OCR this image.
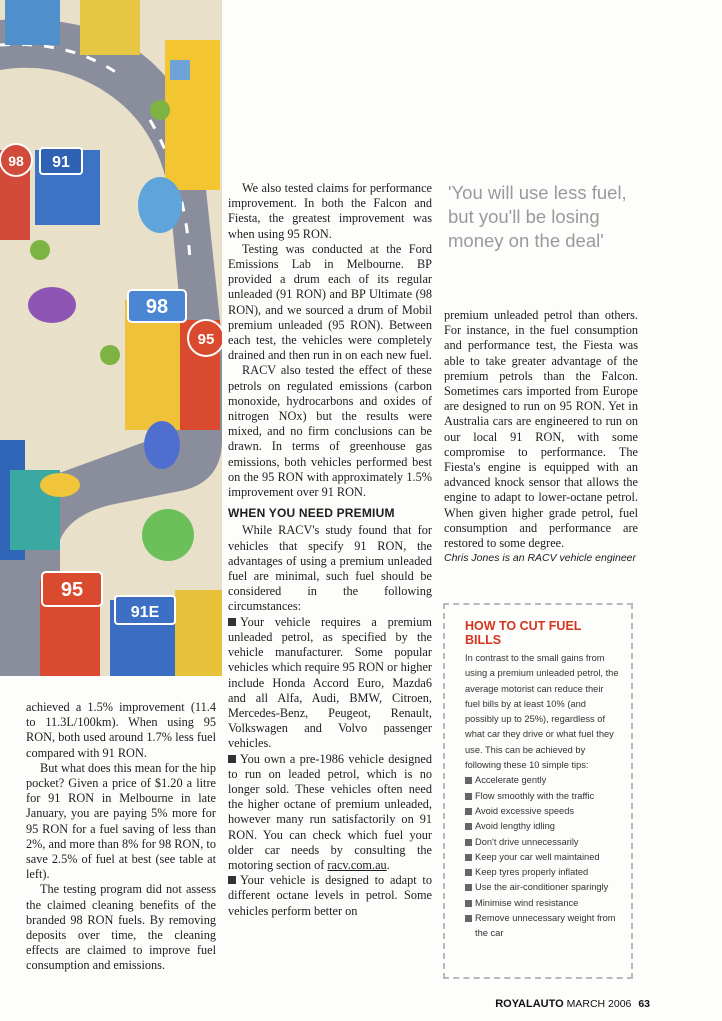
91
98
95
98
91E
95
'You will use less fuel, but you'll be losing money on the deal'

achieved a 1.5% improvement (11.4 to 11.3L/100km). When using 95 RON, both used around 1.7% less fuel compared with 91 RON.

But what does this mean for the hip pocket? Given a price of $1.20 a litre for 91 RON in Melbourne in late January, you are paying 5% more for 95 RON for a fuel saving of less than 2%, and more than 8% for 98 RON, to save 2.5% of fuel at best (see table at left).

The testing program did not assess the claimed cleaning benefits of the branded 98 RON fuels. By removing deposits over time, the cleaning effects are claimed to improve fuel consumption and emissions.

We also tested claims for performance improvement. In both the Falcon and Fiesta, the greatest improvement was when using 95 RON.

Testing was conducted at the Ford Emissions Lab in Melbourne. BP provided a drum each of its regular unleaded (91 RON) and BP Ultimate (98 RON), and we sourced a drum of Mobil premium unleaded (95 RON). Between each test, the vehicles were completely drained and then run in on each new fuel.

RACV also tested the effect of these petrols on regulated emissions (carbon monoxide, hydrocarbons and oxides of nitrogen NOx) but the results were mixed, and no firm conclusions can be drawn. In terms of greenhouse gas emissions, both vehicles performed best on the 95 RON with approximately 1.5% improvement over 91 RON.

WHEN YOU NEED PREMIUM

While RACV's study found that for vehicles that specify 91 RON, the advantages of using a premium unleaded fuel are minimal, such fuel should be considered in the following circumstances:

Your vehicle requires a premium unleaded petrol, as specified by the vehicle manufacturer. Some popular vehicles which require 95 RON or higher include Honda Accord Euro, Mazda6 and all Alfa, Audi, BMW, Citroen, Mercedes-Benz, Peugeot, Renault, Volkswagen and Volvo passenger vehicles.

You own a pre-1986 vehicle designed to run on leaded petrol, which is no longer sold. These vehicles often need the higher octane of premium unleaded, however many run satisfactorily on 91 RON. You can check which fuel your older car needs by consulting the motoring section of racv.com.au.

Your vehicle is designed to adapt to different octane levels in petrol. Some vehicles perform better on

premium unleaded petrol than others. For instance, in the fuel consumption and performance test, the Fiesta was able to take greater advantage of the premium petrols than the Falcon. Sometimes cars imported from Europe are designed to run on 95 RON. Yet in Australia cars are engineered to run on our local 91 RON, with some compromise to performance. The Fiesta's engine is equipped with an advanced knock sensor that allows the engine to adapt to lower-octane petrol. When given higher grade petrol, fuel consumption and performance are restored to some degree.

Chris Jones is an RACV vehicle engineer

HOW TO CUT FUEL BILLS
In contrast to the small gains from using a premium unleaded petrol, the average motorist can reduce their fuel bills by at least 10% (and possibly up to 25%), regardless of what car they drive or what fuel they use. This can be achieved by following these 10 simple tips:
Accelerate gently
Flow smoothly with the traffic
Avoid excessive speeds
Avoid lengthy idling
Don't drive unnecessarily
Keep your car well maintained
Keep tyres properly inflated
Use the air-conditioner sparingly
Minimise wind resistance
Remove unnecessary weight from the car
ROYALAUTO MARCH 2006 63
